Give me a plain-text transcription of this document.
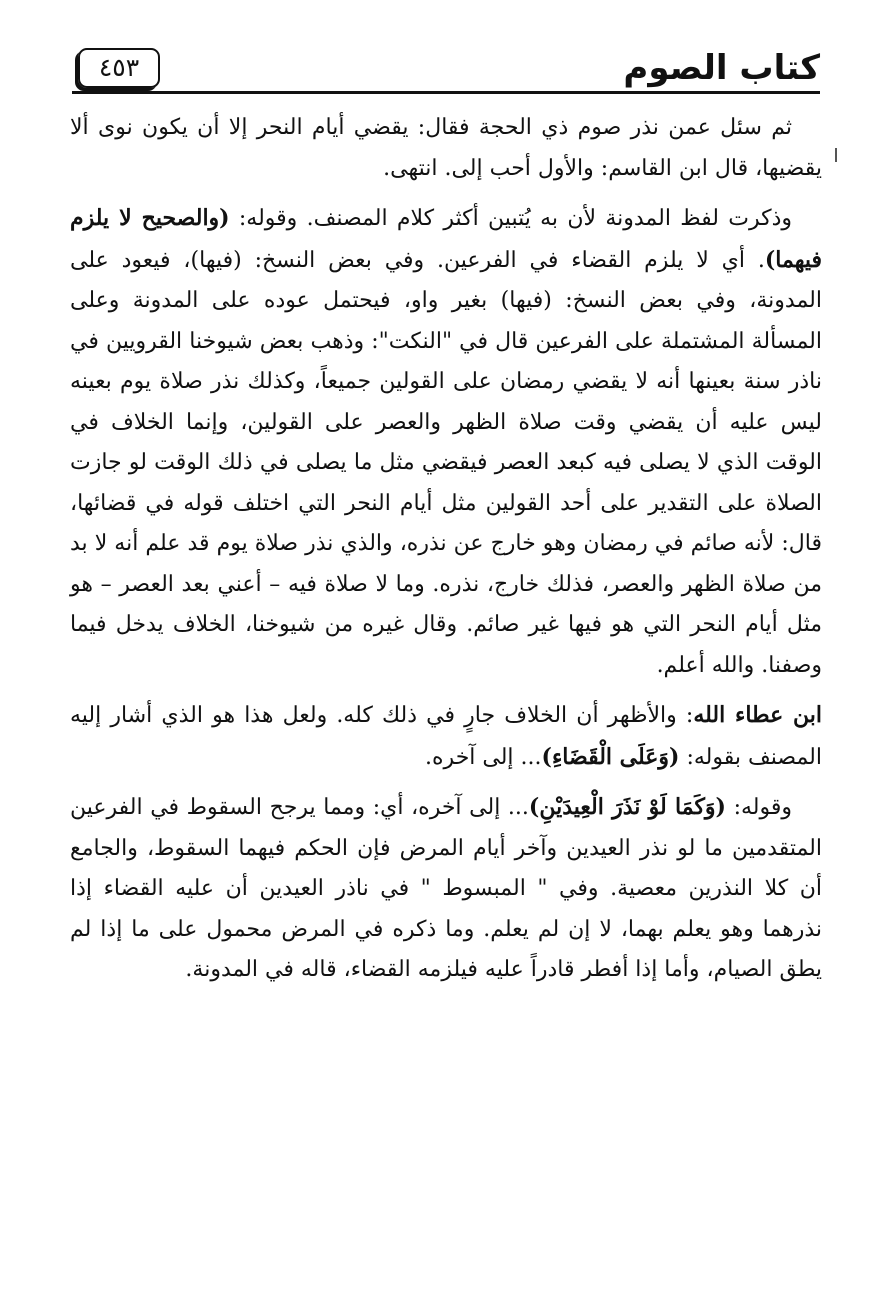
كتاب الصوم
٤٥٣

ثم سئل عمن نذر صوم ذي الحجة فقال: يقضي أيام النحر إلا أن يكون نوى ألا يقضيها، قال ابن القاسم: والأول أحب إلى. انتهى.

وذكرت لفظ المدونة لأن به يُتبين أكثر كلام المصنف. وقوله: (والصحيح لا يلزم فيهما). أي لا يلزم القضاء في الفرعين. وفي بعض النسخ: (فيها)، فيعود على المدونة، وفي بعض النسخ: (فيها) بغير واو، فيحتمل عوده على المدونة وعلى المسألة المشتملة على الفرعين قال في "النكت": وذهب بعض شيوخنا القرويين في ناذر سنة بعينها أنه لا يقضي رمضان على القولين جميعاً، وكذلك نذر صلاة يوم بعينه ليس عليه أن يقضي وقت صلاة الظهر والعصر على القولين، وإنما الخلاف في الوقت الذي لا يصلى فيه كبعد العصر فيقضي مثل ما يصلى في ذلك الوقت لو جازت الصلاة على التقدير على أحد القولين مثل أيام النحر التي اختلف قوله في قضائها، قال: لأنه صائم في رمضان وهو خارج عن نذره، والذي نذر صلاة يوم قد علم أنه لا بد من صلاة الظهر والعصر، فذلك خارج، نذره. وما لا صلاة فيه – أعني بعد العصر – هو مثل أيام النحر التي هو فيها غير صائم. وقال غيره من شيوخنا، الخلاف يدخل فيما وصفنا. والله أعلم.

ابن عطاء الله: والأظهر أن الخلاف جارٍ في ذلك كله. ولعل هذا هو الذي أشار إليه المصنف بقوله: (وَعَلَى الْقَضَاءِ)... إلى آخره.

وقوله: (وَكَمَا لَوْ نَذَرَ الْعِيدَيْنِ)... إلى آخره، أي: ومما يرجح السقوط في الفرعين المتقدمين ما لو نذر العيدين وآخر أيام المرض فإن الحكم فيهما السقوط، والجامع أن كلا النذرين معصية. وفي " المبسوط " في ناذر العيدين أن عليه القضاء إذا نذرهما وهو يعلم بهما، لا إن لم يعلم. وما ذكره في المرض محمول على ما إذا لم يطق الصيام، وأما إذا أفطر قادراً عليه فيلزمه القضاء، قاله في المدونة.
